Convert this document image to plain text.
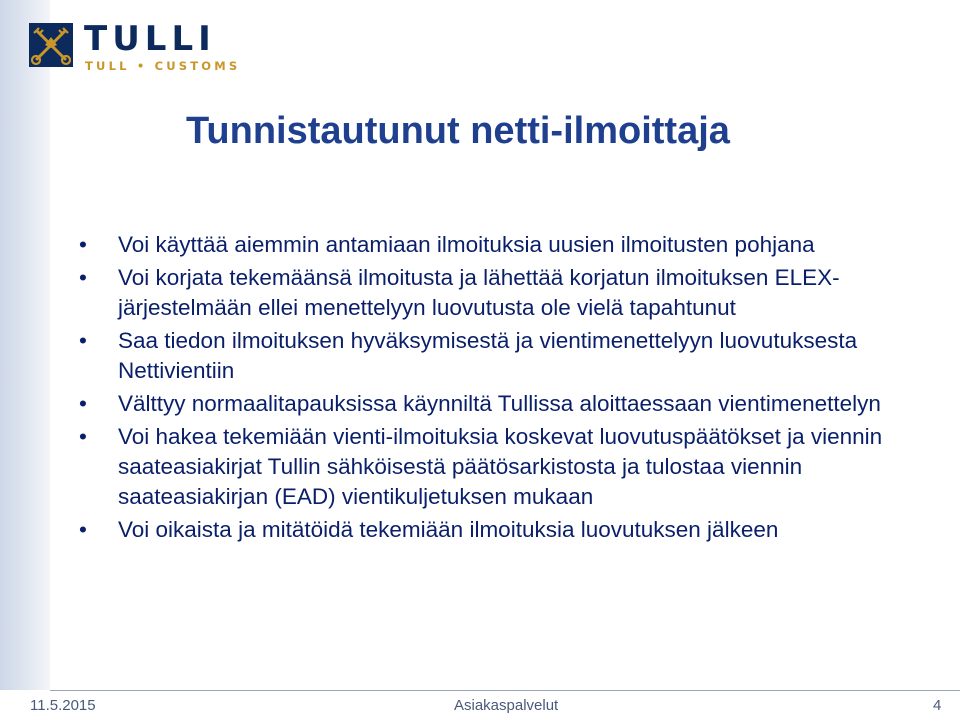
TULLI
TULL • CUSTOMS
Tunnistautunut netti-ilmoittaja
• Voi käyttää aiemmin antamiaan ilmoituksia uusien ilmoitusten pohjana
• Voi korjata tekemäänsä ilmoitusta ja lähettää korjatun ilmoituksen ELEX-järjestelmään ellei menettelyyn luovutusta ole vielä tapahtunut
• Saa tiedon ilmoituksen hyväksymisestä ja vientimenettelyyn luovutuksesta Nettivientiin
• Välttyy normaalitapauksissa käynniltä Tullissa aloittaessaan vientimenettelyn
• Voi hakea tekemiään vienti-ilmoituksia koskevat luovutuspäätökset ja viennin saateasiakirjat Tullin sähköisestä päätösarkistosta ja tulostaa viennin saateasiakirjan (EAD) vientikuljetuksen mukaan
• Voi oikaista ja mitätöidä tekemiään ilmoituksia luovutuksen jälkeen
11.5.2015	Asiakaspalvelut	4
